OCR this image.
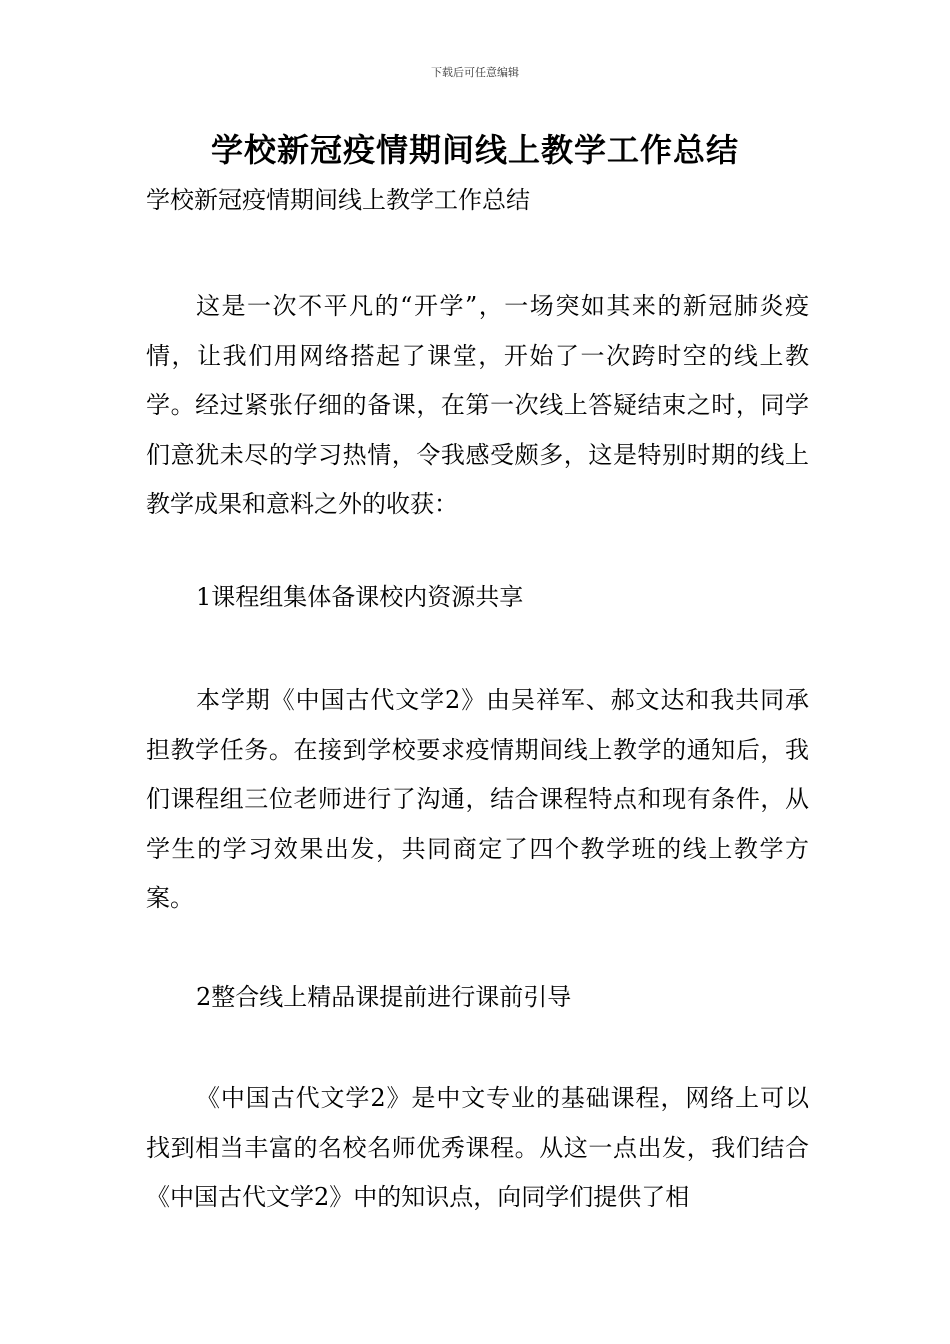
下载后可任意编辑
学校新冠疫情期间线上教学工作总结
学校新冠疫情期间线上教学工作总结

这是一次不平凡的“开学”，一场突如其来的新冠肺炎疫情，让我们用网络搭起了课堂，开始了一次跨时空的线上教学。经过紧张仔细的备课，在第一次线上答疑结束之时，同学们意犹未尽的学习热情，令我感受颇多，这是特别时期的线上教学成果和意料之外的收获：

1课程组集体备课校内资源共享

本学期《中国古代文学2》由吴祥军、郝文达和我共同承担教学任务。在接到学校要求疫情期间线上教学的通知后，我们课程组三位老师进行了沟通，结合课程特点和现有条件，从学生的学习效果出发，共同商定了四个教学班的线上教学方案。

2整合线上精品课提前进行课前引导

《中国古代文学2》是中文专业的基础课程，网络上可以找到相当丰富的名校名师优秀课程。从这一点出发，我们结合《中国古代文学2》中的知识点，向同学们提供了相
